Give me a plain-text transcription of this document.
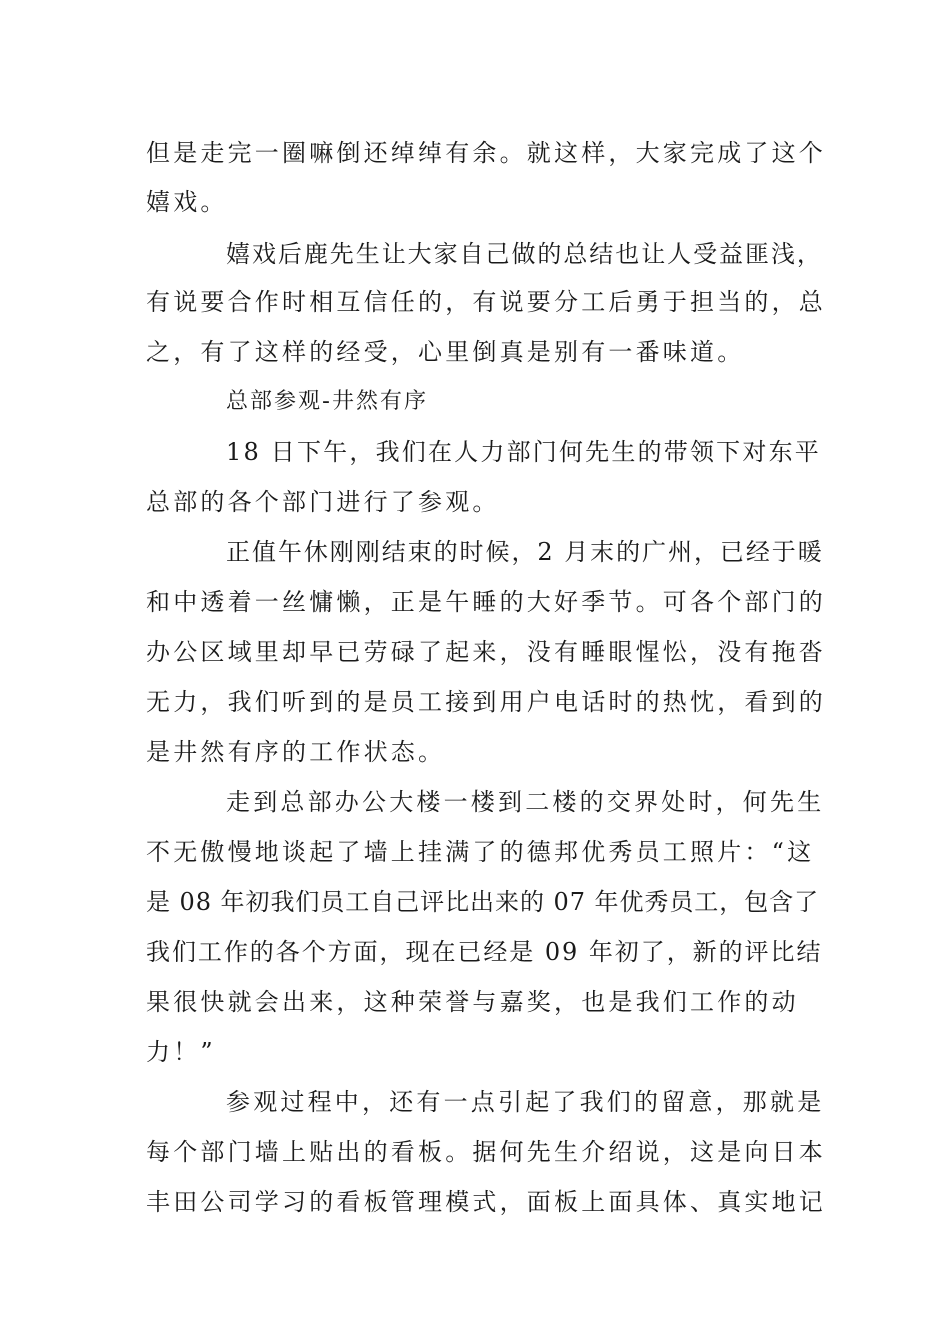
但是走完一圈嘛倒还绰绰有余。就这样，大家完成了这个
嬉戏。
嬉戏后鹿先生让大家自己做的总结也让人受益匪浅，
有说要合作时相互信任的，有说要分工后勇于担当的，总
之，有了这样的经受，心里倒真是别有一番味道。
总部参观-井然有序
18 日下午，我们在人力部门何先生的带领下对东平
总部的各个部门进行了参观。
正值午休刚刚结束的时候，2 月末的广州，已经于暖
和中透着一丝慵懒，正是午睡的大好季节。可各个部门的
办公区域里却早已劳碌了起来，没有睡眼惺忪，没有拖沓
无力，我们听到的是员工接到用户电话时的热忱，看到的
是井然有序的工作状态。
走到总部办公大楼一楼到二楼的交界处时，何先生
不无傲慢地谈起了墙上挂满了的德邦优秀员工照片：“这
是 08 年初我们员工自己评比出来的 07 年优秀员工，包含了
我们工作的各个方面，现在已经是 09 年初了，新的评比结
果很快就会出来，这种荣誉与嘉奖，也是我们工作的动
力！”
参观过程中，还有一点引起了我们的留意，那就是
每个部门墙上贴出的看板。据何先生介绍说，这是向日本
丰田公司学习的看板管理模式，面板上面具体、真实地记
